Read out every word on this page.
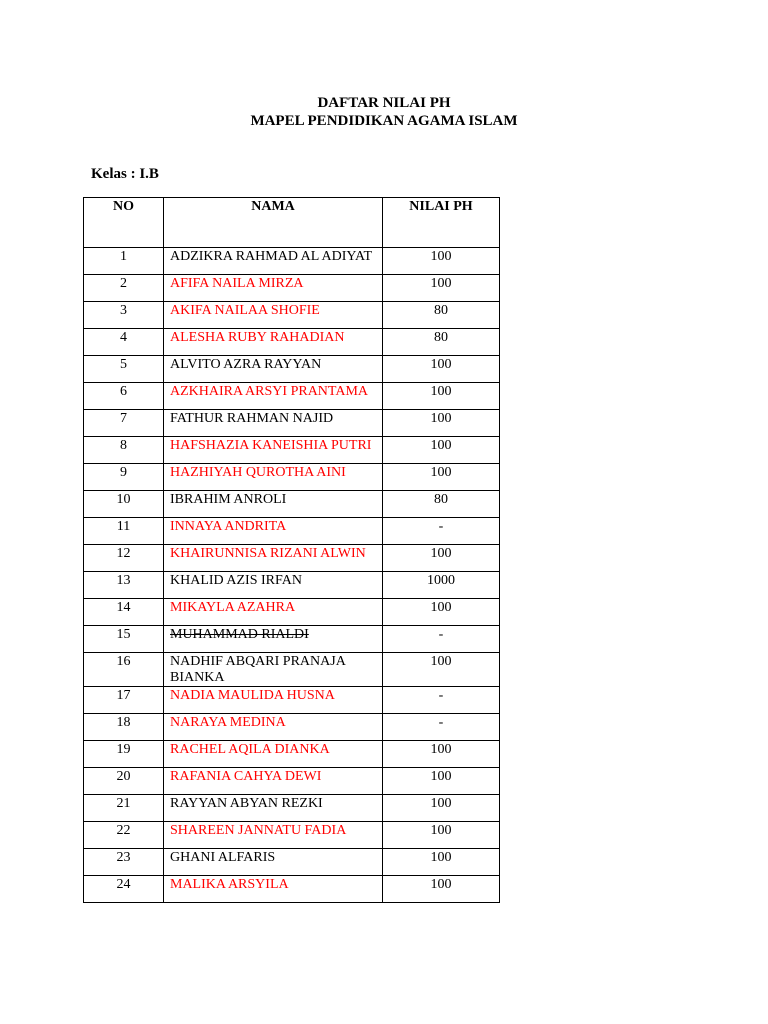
DAFTAR NILAI PH
MAPEL PENDIDIKAN AGAMA ISLAM
Kelas : I.B
NO	NAMA	NILAI PH
1	ADZIKRA RAHMAD AL ADIYAT	100
2	AFIFA NAILA MIRZA	100
3	AKIFA NAILAA SHOFIE	80
4	ALESHA RUBY RAHADIAN	80
5	ALVITO AZRA RAYYAN	100
6	AZKHAIRA ARSYI PRANTAMA	100
7	FATHUR RAHMAN NAJID	100
8	HAFSHAZIA KANEISHIA PUTRI	100
9	HAZHIYAH QUROTHA AINI	100
10	IBRAHIM ANROLI	80
11	INNAYA ANDRITA	-
12	KHAIRUNNISA RIZANI ALWIN	100
13	KHALID AZIS IRFAN	1000
14	MIKAYLA AZAHRA	100
15	MUHAMMAD RIALDI	-
16	NADHIF ABQARI PRANAJA BIANKA	100
17	NADIA MAULIDA HUSNA	-
18	NARAYA MEDINA	-
19	RACHEL AQILA DIANKA	100
20	RAFANIA CAHYA DEWI	100
21	RAYYAN ABYAN REZKI	100
22	SHAREEN JANNATU FADIA	100
23	GHANI ALFARIS	100
24	MALIKA ARSYILA	100
